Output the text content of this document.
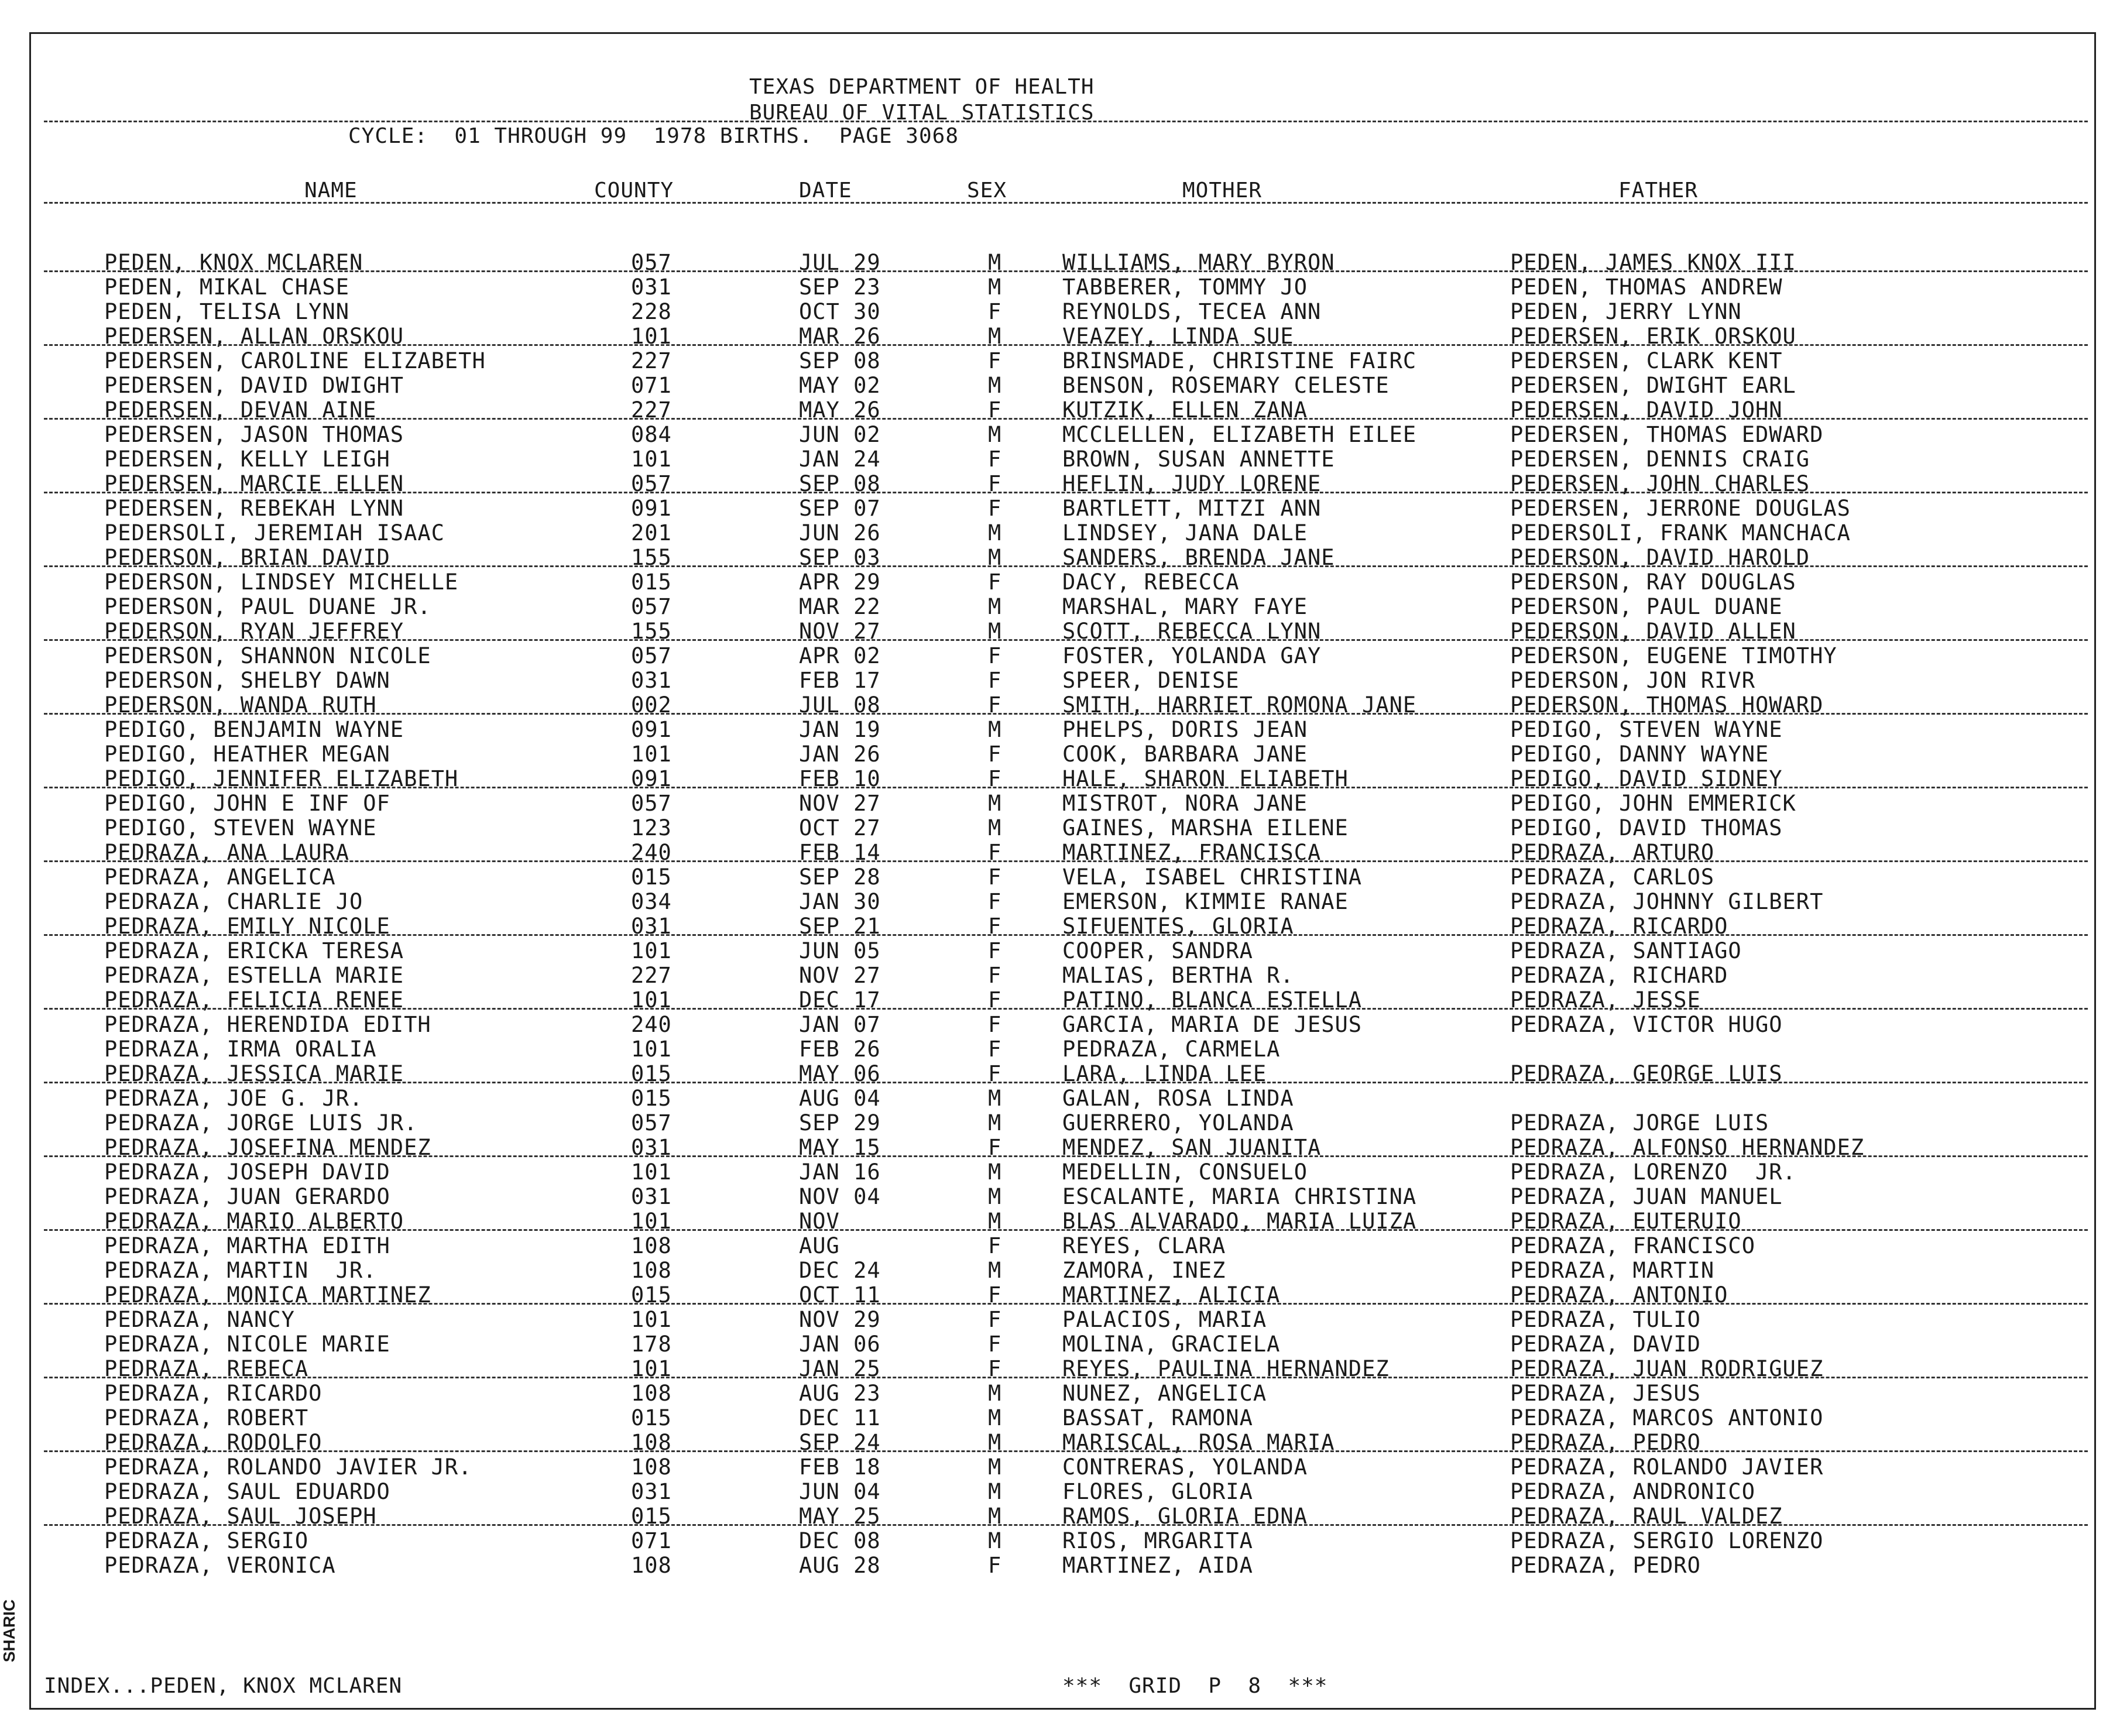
SHARIC
TEXAS DEPARTMENT OF HEALTH
BUREAU OF VITAL STATISTICS
CYCLE:  01 THROUGH 99  1978 BIRTHS.  PAGE 3068
NAME	COUNTY	DATE	SEX	MOTHER	FATHER
PEDEN, KNOX MCLAREN	057	JUL 29	M	WILLIAMS, MARY BYRON	PEDEN, JAMES KNOX III
PEDEN, MIKAL CHASE	031	SEP 23	M	TABBERER, TOMMY JO	PEDEN, THOMAS ANDREW
PEDEN, TELISA LYNN	228	OCT 30	F	REYNOLDS, TECEA ANN	PEDEN, JERRY LYNN
PEDERSEN, ALLAN ORSKOU	101	MAR 26	M	VEAZEY, LINDA SUE	PEDERSEN, ERIK ORSKOU
PEDERSEN, CAROLINE ELIZABETH	227	SEP 08	F	BRINSMADE, CHRISTINE FAIRC	PEDERSEN, CLARK KENT
PEDERSEN, DAVID DWIGHT	071	MAY 02	M	BENSON, ROSEMARY CELESTE	PEDERSEN, DWIGHT EARL
PEDERSEN, DEVAN AINE	227	MAY 26	F	KUTZIK, ELLEN ZANA	PEDERSEN, DAVID JOHN
PEDERSEN, JASON THOMAS	084	JUN 02	M	MCCLELLEN, ELIZABETH EILEE	PEDERSEN, THOMAS EDWARD
PEDERSEN, KELLY LEIGH	101	JAN 24	F	BROWN, SUSAN ANNETTE	PEDERSEN, DENNIS CRAIG
PEDERSEN, MARCIE ELLEN	057	SEP 08	F	HEFLIN, JUDY LORENE	PEDERSEN, JOHN CHARLES
PEDERSEN, REBEKAH LYNN	091	SEP 07	F	BARTLETT, MITZI ANN	PEDERSEN, JERRONE DOUGLAS
PEDERSOLI, JEREMIAH ISAAC	201	JUN 26	M	LINDSEY, JANA DALE	PEDERSOLI, FRANK MANCHACA
PEDERSON, BRIAN DAVID	155	SEP 03	M	SANDERS, BRENDA JANE	PEDERSON, DAVID HAROLD
PEDERSON, LINDSEY MICHELLE	015	APR 29	F	DACY, REBECCA	PEDERSON, RAY DOUGLAS
PEDERSON, PAUL DUANE JR.	057	MAR 22	M	MARSHAL, MARY FAYE	PEDERSON, PAUL DUANE
PEDERSON, RYAN JEFFREY	155	NOV 27	M	SCOTT, REBECCA LYNN	PEDERSON, DAVID ALLEN
PEDERSON, SHANNON NICOLE	057	APR 02	F	FOSTER, YOLANDA GAY	PEDERSON, EUGENE TIMOTHY
PEDERSON, SHELBY DAWN	031	FEB 17	F	SPEER, DENISE	PEDERSON, JON RIVR
PEDERSON, WANDA RUTH	002	JUL 08	F	SMITH, HARRIET ROMONA JANE	PEDERSON, THOMAS HOWARD
PEDIGO, BENJAMIN WAYNE	091	JAN 19	M	PHELPS, DORIS JEAN	PEDIGO, STEVEN WAYNE
PEDIGO, HEATHER MEGAN	101	JAN 26	F	COOK, BARBARA JANE	PEDIGO, DANNY WAYNE
PEDIGO, JENNIFER ELIZABETH	091	FEB 10	F	HALE, SHARON ELIABETH	PEDIGO, DAVID SIDNEY
PEDIGO, JOHN E INF OF	057	NOV 27	M	MISTROT, NORA JANE	PEDIGO, JOHN EMMERICK
PEDIGO, STEVEN WAYNE	123	OCT 27	M	GAINES, MARSHA EILENE	PEDIGO, DAVID THOMAS
PEDRAZA, ANA LAURA	240	FEB 14	F	MARTINEZ, FRANCISCA	PEDRAZA, ARTURO
PEDRAZA, ANGELICA	015	SEP 28	F	VELA, ISABEL CHRISTINA	PEDRAZA, CARLOS
PEDRAZA, CHARLIE JO	034	JAN 30	F	EMERSON, KIMMIE RANAE	PEDRAZA, JOHNNY GILBERT
PEDRAZA, EMILY NICOLE	031	SEP 21	F	SIFUENTES, GLORIA	PEDRAZA, RICARDO
PEDRAZA, ERICKA TERESA	101	JUN 05	F	COOPER, SANDRA	PEDRAZA, SANTIAGO
PEDRAZA, ESTELLA MARIE	227	NOV 27	F	MALIAS, BERTHA R.	PEDRAZA, RICHARD
PEDRAZA, FELICIA RENEE	101	DEC 17	F	PATINO, BLANCA ESTELLA	PEDRAZA, JESSE
PEDRAZA, HERENDIDA EDITH	240	JAN 07	F	GARCIA, MARIA DE JESUS	PEDRAZA, VICTOR HUGO
PEDRAZA, IRMA ORALIA	101	FEB 26	F	PEDRAZA, CARMELA
PEDRAZA, JESSICA MARIE	015	MAY 06	F	LARA, LINDA LEE	PEDRAZA, GEORGE LUIS
PEDRAZA, JOE G. JR.	015	AUG 04	M	GALAN, ROSA LINDA
PEDRAZA, JORGE LUIS JR.	057	SEP 29	M	GUERRERO, YOLANDA	PEDRAZA, JORGE LUIS
PEDRAZA, JOSEFINA MENDEZ	031	MAY 15	F	MENDEZ, SAN JUANITA	PEDRAZA, ALFONSO HERNANDEZ
PEDRAZA, JOSEPH DAVID	101	JAN 16	M	MEDELLIN, CONSUELO	PEDRAZA, LORENZO  JR.
PEDRAZA, JUAN GERARDO	031	NOV 04	M	ESCALANTE, MARIA CHRISTINA	PEDRAZA, JUAN MANUEL
PEDRAZA, MARIO ALBERTO	101	NOV	M	BLAS ALVARADO, MARIA LUIZA	PEDRAZA, EUTERUIO
PEDRAZA, MARTHA EDITH	108	AUG	F	REYES, CLARA	PEDRAZA, FRANCISCO
PEDRAZA, MARTIN  JR.	108	DEC 24	M	ZAMORA, INEZ	PEDRAZA, MARTIN
PEDRAZA, MONICA MARTINEZ	015	OCT 11	F	MARTINEZ, ALICIA	PEDRAZA, ANTONIO
PEDRAZA, NANCY	101	NOV 29	F	PALACIOS, MARIA	PEDRAZA, TULIO
PEDRAZA, NICOLE MARIE	178	JAN 06	F	MOLINA, GRACIELA	PEDRAZA, DAVID
PEDRAZA, REBECA	101	JAN 25	F	REYES, PAULINA HERNANDEZ	PEDRAZA, JUAN RODRIGUEZ
PEDRAZA, RICARDO	108	AUG 23	M	NUNEZ, ANGELICA	PEDRAZA, JESUS
PEDRAZA, ROBERT	015	DEC 11	M	BASSAT, RAMONA	PEDRAZA, MARCOS ANTONIO
PEDRAZA, RODOLFO	108	SEP 24	M	MARISCAL, ROSA MARIA	PEDRAZA, PEDRO
PEDRAZA, ROLANDO JAVIER JR.	108	FEB 18	M	CONTRERAS, YOLANDA	PEDRAZA, ROLANDO JAVIER
PEDRAZA, SAUL EDUARDO	031	JUN 04	M	FLORES, GLORIA	PEDRAZA, ANDRONICO
PEDRAZA, SAUL JOSEPH	015	MAY 25	M	RAMOS, GLORIA EDNA	PEDRAZA, RAUL VALDEZ
PEDRAZA, SERGIO	071	DEC 08	M	RIOS, MRGARITA	PEDRAZA, SERGIO LORENZO
PEDRAZA, VERONICA	108	AUG 28	F	MARTINEZ, AIDA	PEDRAZA, PEDRO
INDEX...PEDEN, KNOX MCLAREN	***  GRID  P  8  ***
